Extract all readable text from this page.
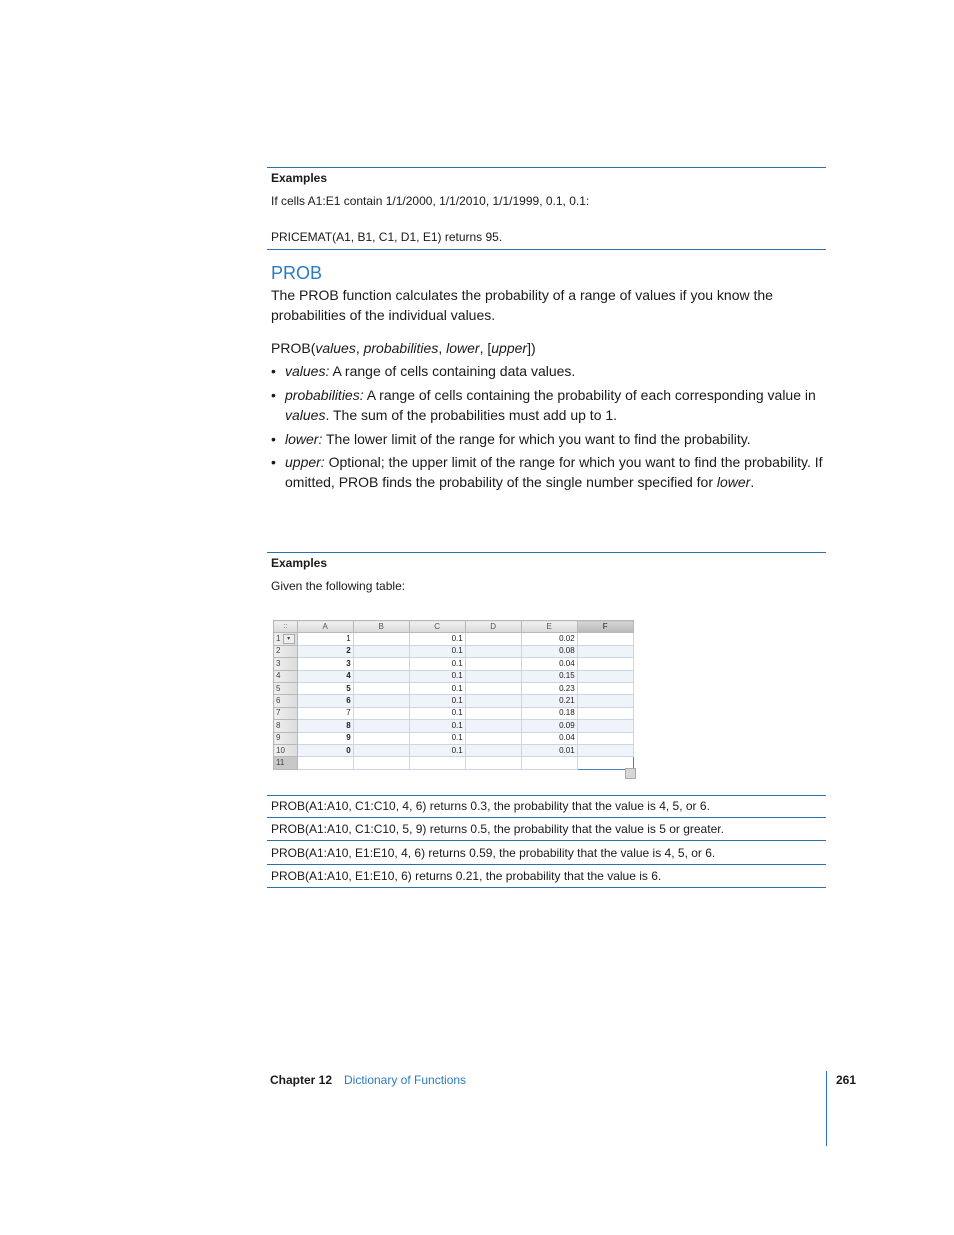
Examples
If cells A1:E1 contain 1/1/2000, 1/1/2010, 1/1/1999, 0.1, 0.1:
PRICEMAT(A1, B1, C1, D1, E1) returns 95.
PROB
The PROB function calculates the probability of a range of values if you know the probabilities of the individual values.
PROB(values, probabilities, lower, [upper])
• values: A range of cells containing data values.
• probabilities: A range of cells containing the probability of each corresponding value in values. The sum of the probabilities must add up to 1.
• lower: The lower limit of the range for which you want to find the probability.
• upper: Optional; the upper limit of the range for which you want to find the probability. If omitted, PROB finds the probability of the single number specified for lower.
Examples
Given the following table:
::	A	B	C	D	E	F
1 ▾	1		0.1		0.02	
2	2		0.1		0.08	
3	3		0.1		0.04	
4	4		0.1		0.15	
5	5		0.1		0.23	
6	6		0.1		0.21	
7	7		0.1		0.18	
8	8		0.1		0.09	
9	9		0.1		0.04	
10	0		0.1		0.01	
11						
PROB(A1:A10, C1:C10, 4, 6) returns 0.3, the probability that the value is 4, 5, or 6.
PROB(A1:A10, C1:C10, 5, 9) returns 0.5, the probability that the value is 5 or greater.
PROB(A1:A10, E1:E10, 4, 6) returns 0.59, the probability that the value is 4, 5, or 6.
PROB(A1:A10, E1:E10, 6) returns 0.21, the probability that the value is 6.
Chapter 12 Dictionary of Functions	261
